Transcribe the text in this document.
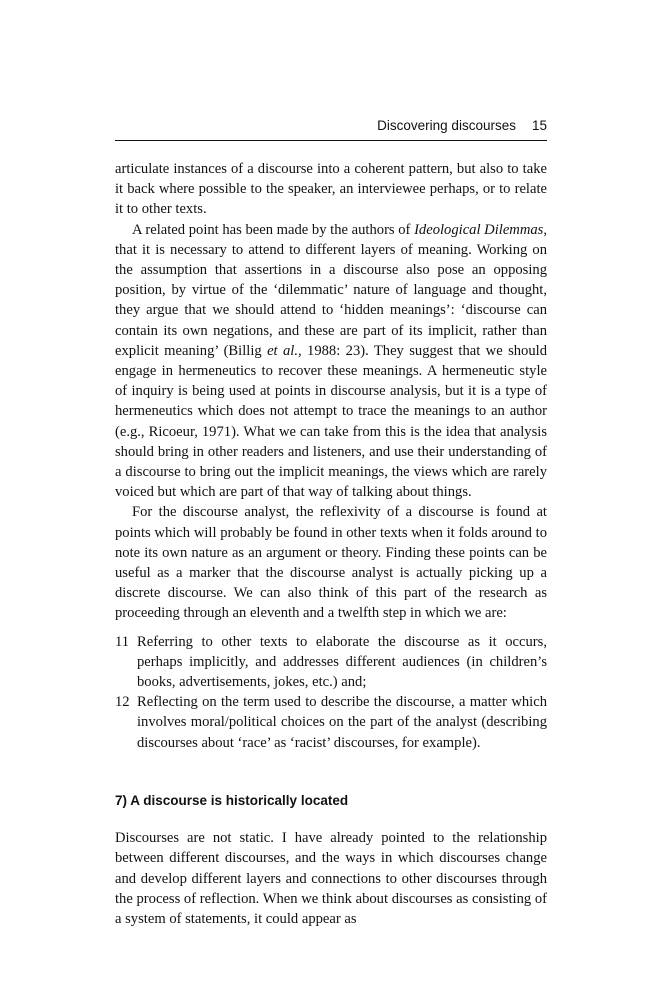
Discovering discourses 15

articulate instances of a discourse into a coherent pattern, but also to take it back where possible to the speaker, an interviewee perhaps, or to relate it to other texts.

A related point has been made by the authors of Ideological Dilemmas, that it is necessary to attend to different layers of meaning. Working on the assumption that assertions in a discourse also pose an opposing position, by virtue of the ‘dilemmatic’ nature of language and thought, they argue that we should attend to ‘hidden meanings’: ‘discourse can contain its own negations, and these are part of its implicit, rather than explicit meaning’ (Billig et al., 1988: 23). They suggest that we should engage in hermeneutics to recover these meanings. A hermeneutic style of inquiry is being used at points in discourse analysis, but it is a type of hermeneutics which does not attempt to trace the meanings to an author (e.g., Ricoeur, 1971). What we can take from this is the idea that analysis should bring in other readers and listeners, and use their understanding of a discourse to bring out the implicit meanings, the views which are rarely voiced but which are part of that way of talking about things.

For the discourse analyst, the reflexivity of a discourse is found at points which will probably be found in other texts when it folds around to note its own nature as an argument or theory. Finding these points can be useful as a marker that the discourse analyst is actually picking up a discrete discourse. We can also think of this part of the research as proceeding through an eleventh and a twelfth step in which we are:

11 Referring to other texts to elaborate the discourse as it occurs, perhaps implicitly, and addresses different audiences (in children’s books, advertisements, jokes, etc.) and;
12 Reflecting on the term used to describe the discourse, a matter which involves moral/political choices on the part of the analyst (describing discourses about ‘race’ as ‘racist’ discourses, for example).
7) A discourse is historically located

Discourses are not static. I have already pointed to the relationship between different discourses, and the ways in which discourses change and develop different layers and connections to other discourses through the process of reflection. When we think about discourses as consisting of a system of statements, it could appear as
